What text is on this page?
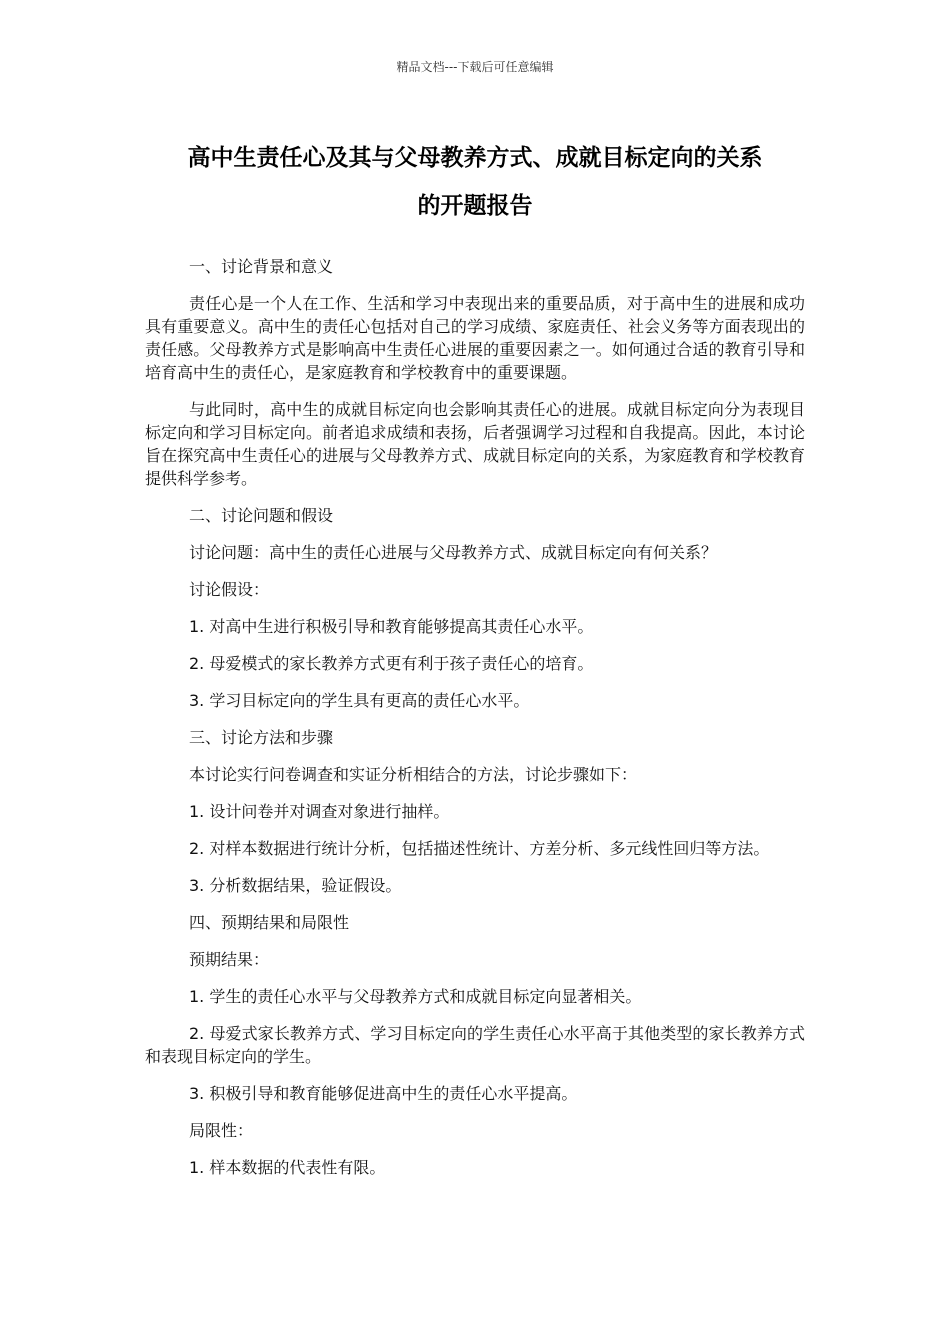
精品文档---下载后可任意编辑
高中生责任心及其与父母教养方式、成就目标定向的关系
的开题报告

一、讨论背景和意义

责任心是一个人在工作、生活和学习中表现出来的重要品质，对于高中生的进展和成功具有重要意义。高中生的责任心包括对自己的学习成绩、家庭责任、社会义务等方面表现出的责任感。父母教养方式是影响高中生责任心进展的重要因素之一。如何通过合适的教育引导和培育高中生的责任心，是家庭教育和学校教育中的重要课题。

与此同时，高中生的成就目标定向也会影响其责任心的进展。成就目标定向分为表现目标定向和学习目标定向。前者追求成绩和表扬，后者强调学习过程和自我提高。因此，本讨论旨在探究高中生责任心的进展与父母教养方式、成就目标定向的关系，为家庭教育和学校教育提供科学参考。

二、讨论问题和假设

讨论问题：高中生的责任心进展与父母教养方式、成就目标定向有何关系？

讨论假设：

1. 对高中生进行积极引导和教育能够提高其责任心水平。

2. 母爱模式的家长教养方式更有利于孩子责任心的培育。

3. 学习目标定向的学生具有更高的责任心水平。

三、讨论方法和步骤

本讨论实行问卷调查和实证分析相结合的方法，讨论步骤如下：

1. 设计问卷并对调查对象进行抽样。

2. 对样本数据进行统计分析，包括描述性统计、方差分析、多元线性回归等方法。

3. 分析数据结果，验证假设。

四、预期结果和局限性

预期结果：

1. 学生的责任心水平与父母教养方式和成就目标定向显著相关。

2. 母爱式家长教养方式、学习目标定向的学生责任心水平高于其他类型的家长教养方式和表现目标定向的学生。

3. 积极引导和教育能够促进高中生的责任心水平提高。

局限性：

1. 样本数据的代表性有限。
